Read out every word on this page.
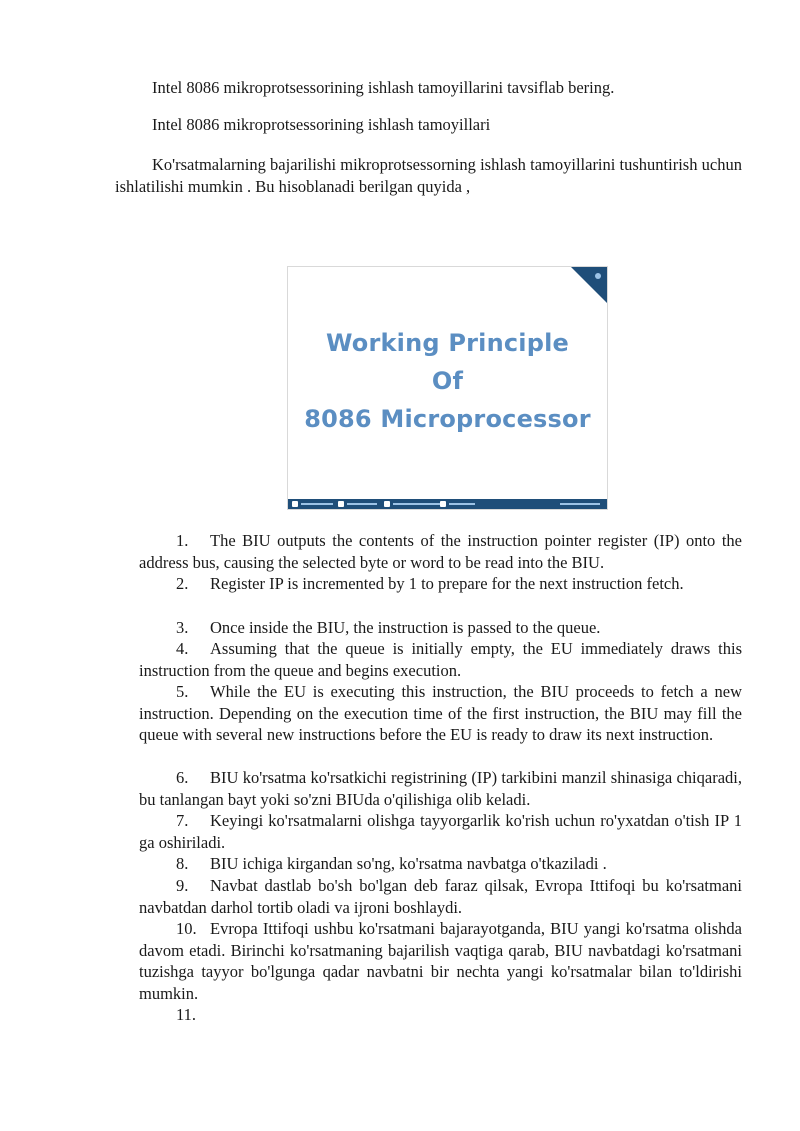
Intel 8086 mikroprotsessorining ishlash tamoyillarini tavsiflab bering.
Intel 8086 mikroprotsessorining ishlash tamoyillari
Ko'rsatmalarning bajarilishi mikroprotsessorning ishlash tamoyillarini tushuntirish uchun ishlatilishi mumkin . Bu hisoblanadi berilgan quyida ,
Working Principle
Of
8086 Microprocessor
1. The BIU outputs the contents of the instruction pointer register (IP) onto the address bus, causing the selected byte or word to be read into the BIU.
2. Register IP is incremented by 1 to prepare for the next instruction fetch.
3. Once inside the BIU, the instruction is passed to the queue.
4. Assuming that the queue is initially empty, the EU immediately draws this instruction from the queue and begins execution.
5. While the EU is executing this instruction, the BIU proceeds to fetch a new instruction. Depending on the execution time of the first instruction, the BIU may fill the queue with several new instructions before the EU is ready to draw its next instruction.
6. BIU ko'rsatma ko'rsatkichi registrining (IP) tarkibini manzil shinasiga chiqaradi, bu tanlangan bayt yoki so'zni BIUda o'qilishiga olib keladi.
7. Keyingi ko'rsatmalarni olishga tayyorgarlik ko'rish uchun ro'yxatdan o'tish IP 1 ga oshiriladi.
8. BIU ichiga kirgandan so'ng, ko'rsatma navbatga o'tkaziladi .
9. Navbat dastlab bo'sh bo'lgan deb faraz qilsak, Evropa Ittifoqi bu ko'rsatmani navbatdan darhol tortib oladi va ijroni boshlaydi.
10. Evropa Ittifoqi ushbu ko'rsatmani bajarayotganda, BIU yangi ko'rsatma olishda davom etadi. Birinchi ko'rsatmaning bajarilish vaqtiga qarab, BIU navbatdagi ko'rsatmani tuzishga tayyor bo'lgunga qadar navbatni bir nechta yangi ko'rsatmalar bilan to'ldirishi mumkin.
11.
